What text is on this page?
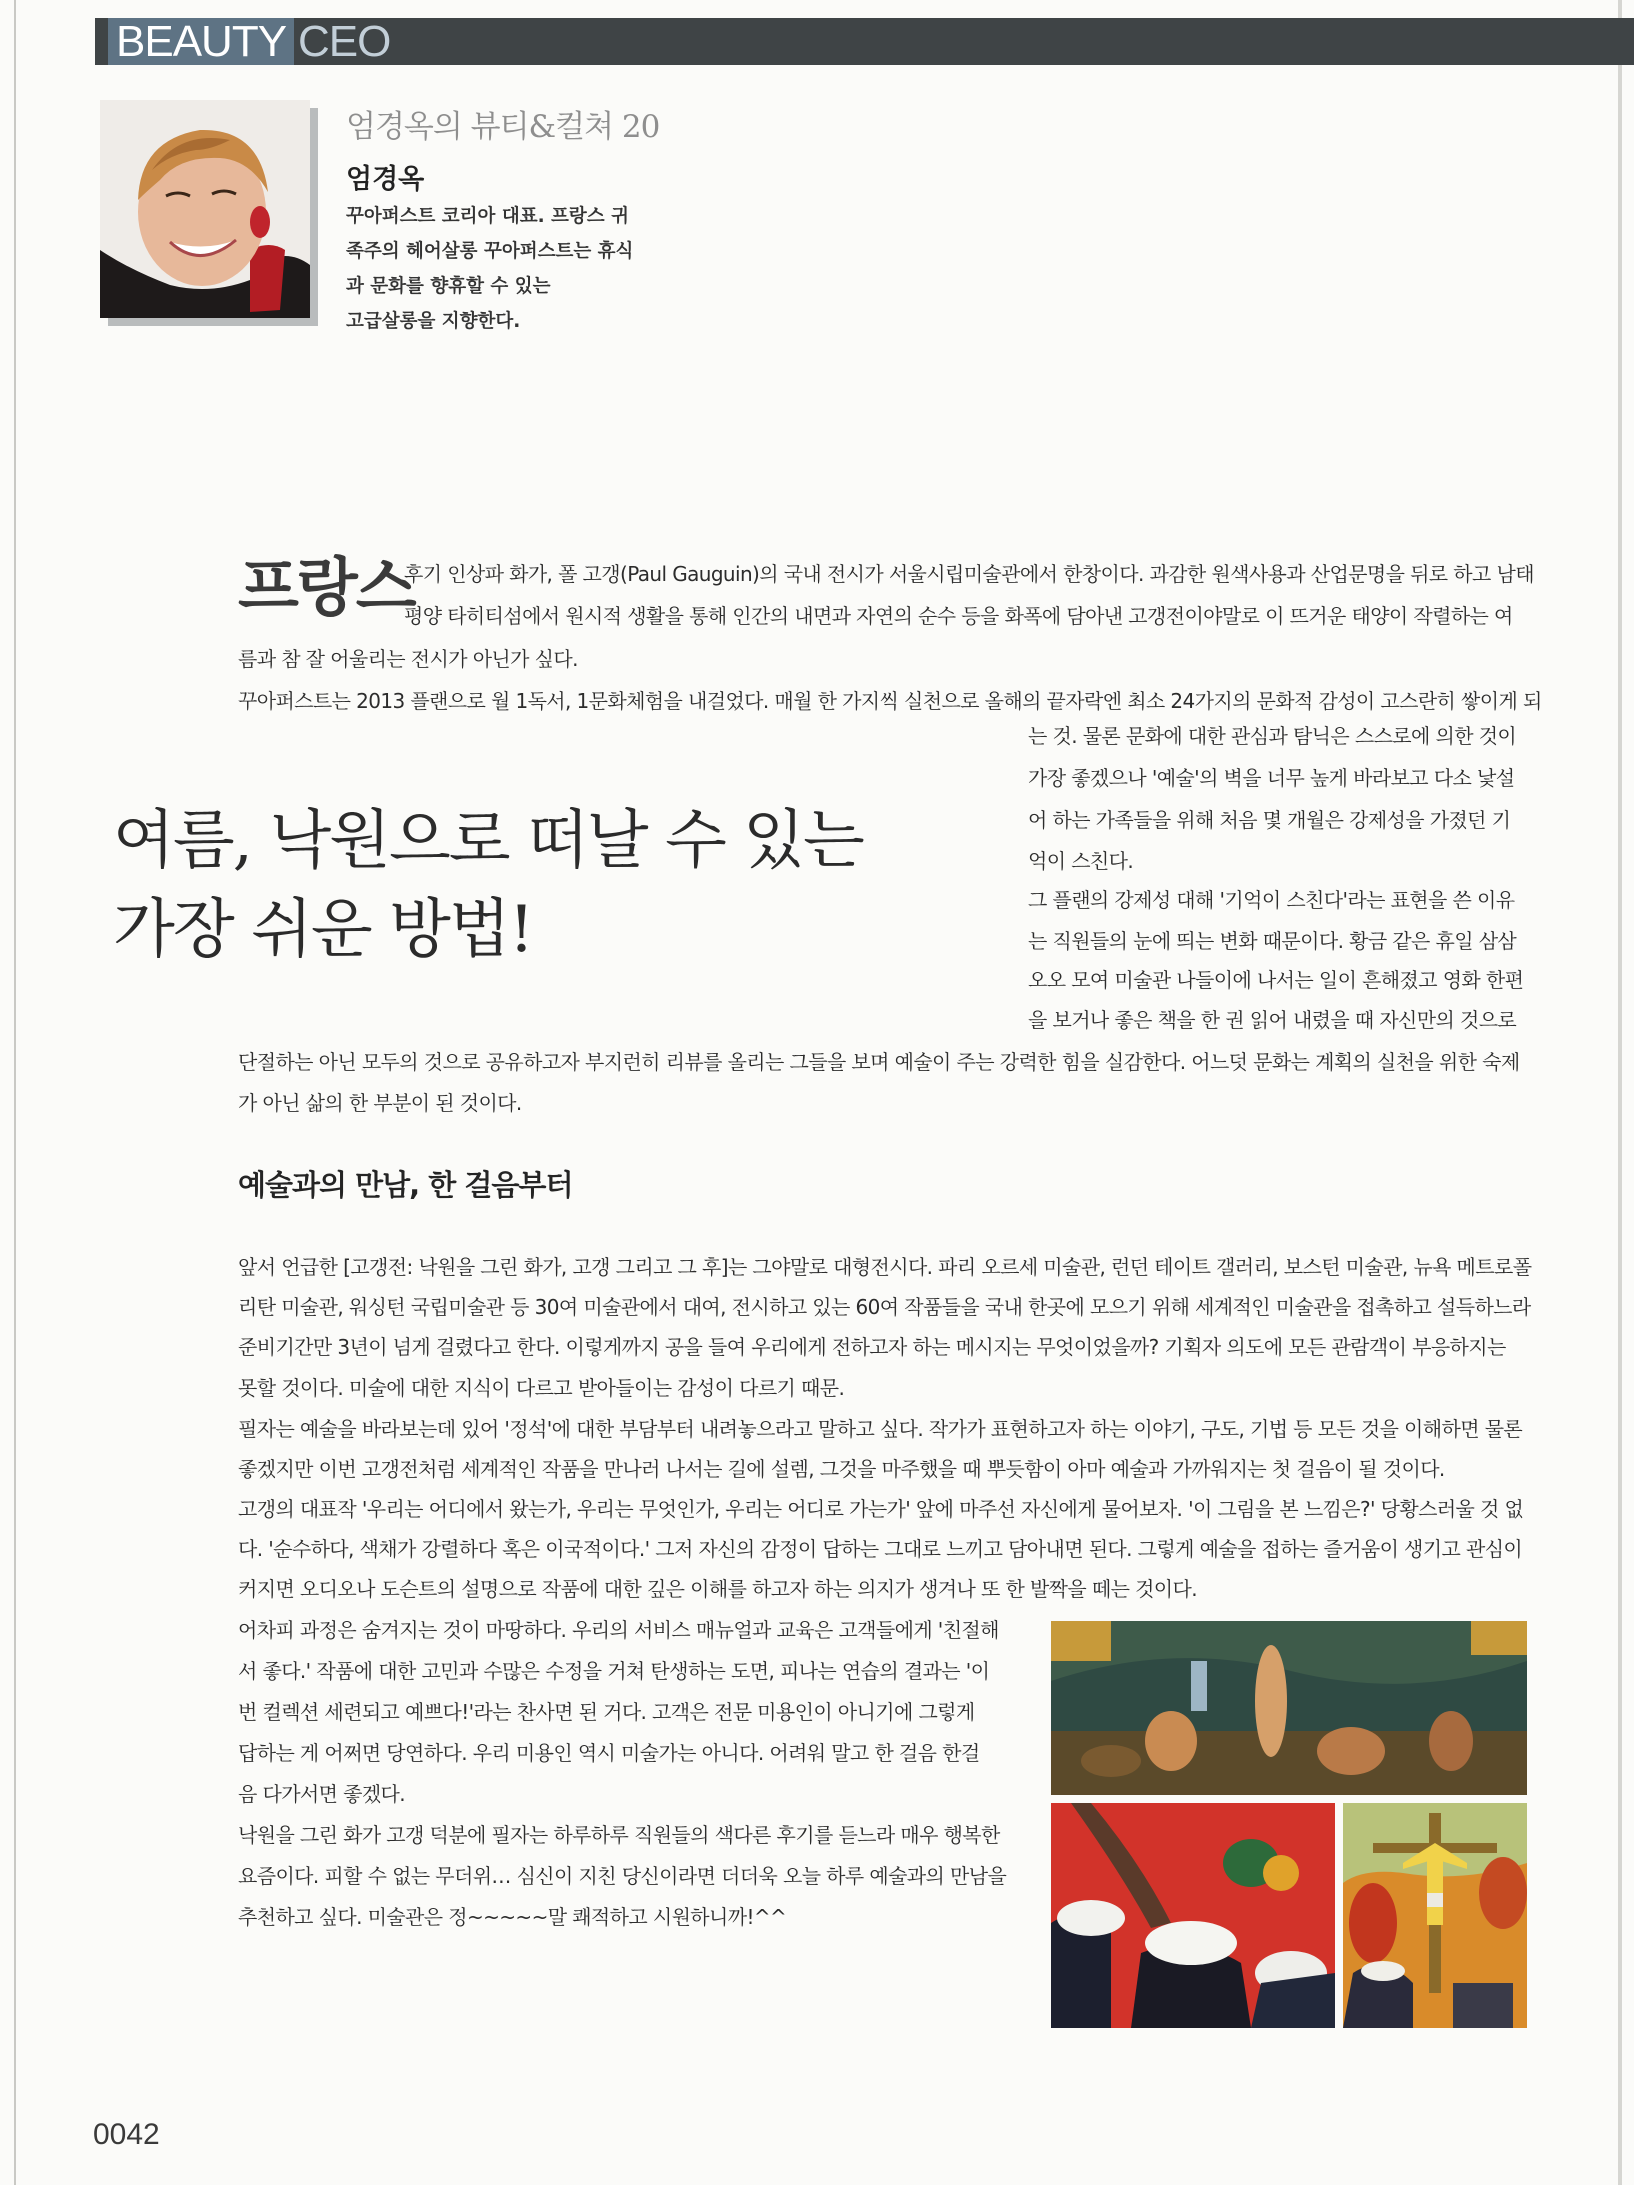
BEAUTY CEO
엄경옥의 뷰티&컬쳐 20
엄경옥

꾸아퍼스트 코리아 대표. 프랑스 귀
족주의 헤어살롱 꾸아퍼스트는 휴식
과 문화를 향휴할 수 있는
고급살롱을 지향한다.

프랑스
후기 인상파 화가, 폴 고갱(Paul Gauguin)의 국내 전시가 서울시립미술관에서 한창이다. 과감한 원색사용과 산업문명을 뒤로 하고 남태
평양 타히티섬에서 원시적 생활을 통해 인간의 내면과 자연의 순수 등을 화폭에 담아낸 고갱전이야말로 이 뜨거운 태양이 작렬하는 여
름과 참 잘 어울리는 전시가 아닌가 싶다.
꾸아퍼스트는 2013 플랜으로 월 1독서, 1문화체험을 내걸었다. 매월 한 가지씩 실천으로 올해의 끝자락엔 최소 24가지의 문화적 감성이 고스란히 쌓이게 되
여름, 낙원으로 떠날 수 있는
가장 쉬운 방법!
는 것. 물론 문화에 대한 관심과 탐닉은 스스로에 의한 것이
가장 좋겠으나 '예술'의 벽을 너무 높게 바라보고 다소 낯설
어 하는 가족들을 위해 처음 몇 개월은 강제성을 가졌던 기
억이 스친다.
그 플랜의 강제성 대해 '기억이 스친다'라는 표현을 쓴 이유
는 직원들의 눈에 띄는 변화 때문이다. 황금 같은 휴일 삼삼
오오 모여 미술관 나들이에 나서는 일이 흔해졌고 영화 한편
을 보거나 좋은 책을 한 권 읽어 내렸을 때 자신만의 것으로
단절하는 아닌 모두의 것으로 공유하고자 부지런히 리뷰를 올리는 그들을 보며 예술이 주는 강력한 힘을 실감한다. 어느덧 문화는 계획의 실천을 위한 숙제
가 아닌 삶의 한 부분이 된 것이다.
예술과의 만남, 한 걸음부터
앞서 언급한 [고갱전: 낙원을 그린 화가, 고갱 그리고 그 후]는 그야말로 대형전시다. 파리 오르세 미술관, 런던 테이트 갤러리, 보스턴 미술관, 뉴욕 메트로폴
리탄 미술관, 워싱턴 국립미술관 등 30여 미술관에서 대여, 전시하고 있는 60여 작품들을 국내 한곳에 모으기 위해 세계적인 미술관을 접촉하고 설득하느라
준비기간만 3년이 넘게 걸렸다고 한다. 이렇게까지 공을 들여 우리에게 전하고자 하는 메시지는 무엇이었을까? 기획자 의도에 모든 관람객이 부응하지는
못할 것이다. 미술에 대한 지식이 다르고 받아들이는 감성이 다르기 때문.
필자는 예술을 바라보는데 있어 '정석'에 대한 부담부터 내려놓으라고 말하고 싶다. 작가가 표현하고자 하는 이야기, 구도, 기법 등 모든 것을 이해하면 물론
좋겠지만 이번 고갱전처럼 세계적인 작품을 만나러 나서는 길에 설렘, 그것을 마주했을 때 뿌듯함이 아마 예술과 가까워지는 첫 걸음이 될 것이다.
고갱의 대표작 '우리는 어디에서 왔는가, 우리는 무엇인가, 우리는 어디로 가는가' 앞에 마주선 자신에게 물어보자. '이 그림을 본 느낌은?' 당황스러울 것 없
다. '순수하다, 색채가 강렬하다 혹은 이국적이다.' 그저 자신의 감정이 답하는 그대로 느끼고 담아내면 된다. 그렇게 예술을 접하는 즐거움이 생기고 관심이
커지면 오디오나 도슨트의 설명으로 작품에 대한 깊은 이해를 하고자 하는 의지가 생겨나 또 한 발짝을 떼는 것이다.
어차피 과정은 숨겨지는 것이 마땅하다. 우리의 서비스 매뉴얼과 교육은 고객들에게 '친절해
서 좋다.' 작품에 대한 고민과 수많은 수정을 거쳐 탄생하는 도면, 피나는 연습의 결과는 '이
번 컬렉션 세련되고 예쁘다!'라는 찬사면 된 거다. 고객은 전문 미용인이 아니기에 그렇게
답하는 게 어쩌면 당연하다. 우리 미용인 역시 미술가는 아니다. 어려워 말고 한 걸음 한걸
음 다가서면 좋겠다.
낙원을 그린 화가 고갱 덕분에 필자는 하루하루 직원들의 색다른 후기를 듣느라 매우 행복한
요즘이다. 피할 수 없는 무더위… 심신이 지친 당신이라면 더더욱 오늘 하루 예술과의 만남을
추천하고 싶다. 미술관은 정~~~~~말 쾌적하고 시원하니까!^^
0042
